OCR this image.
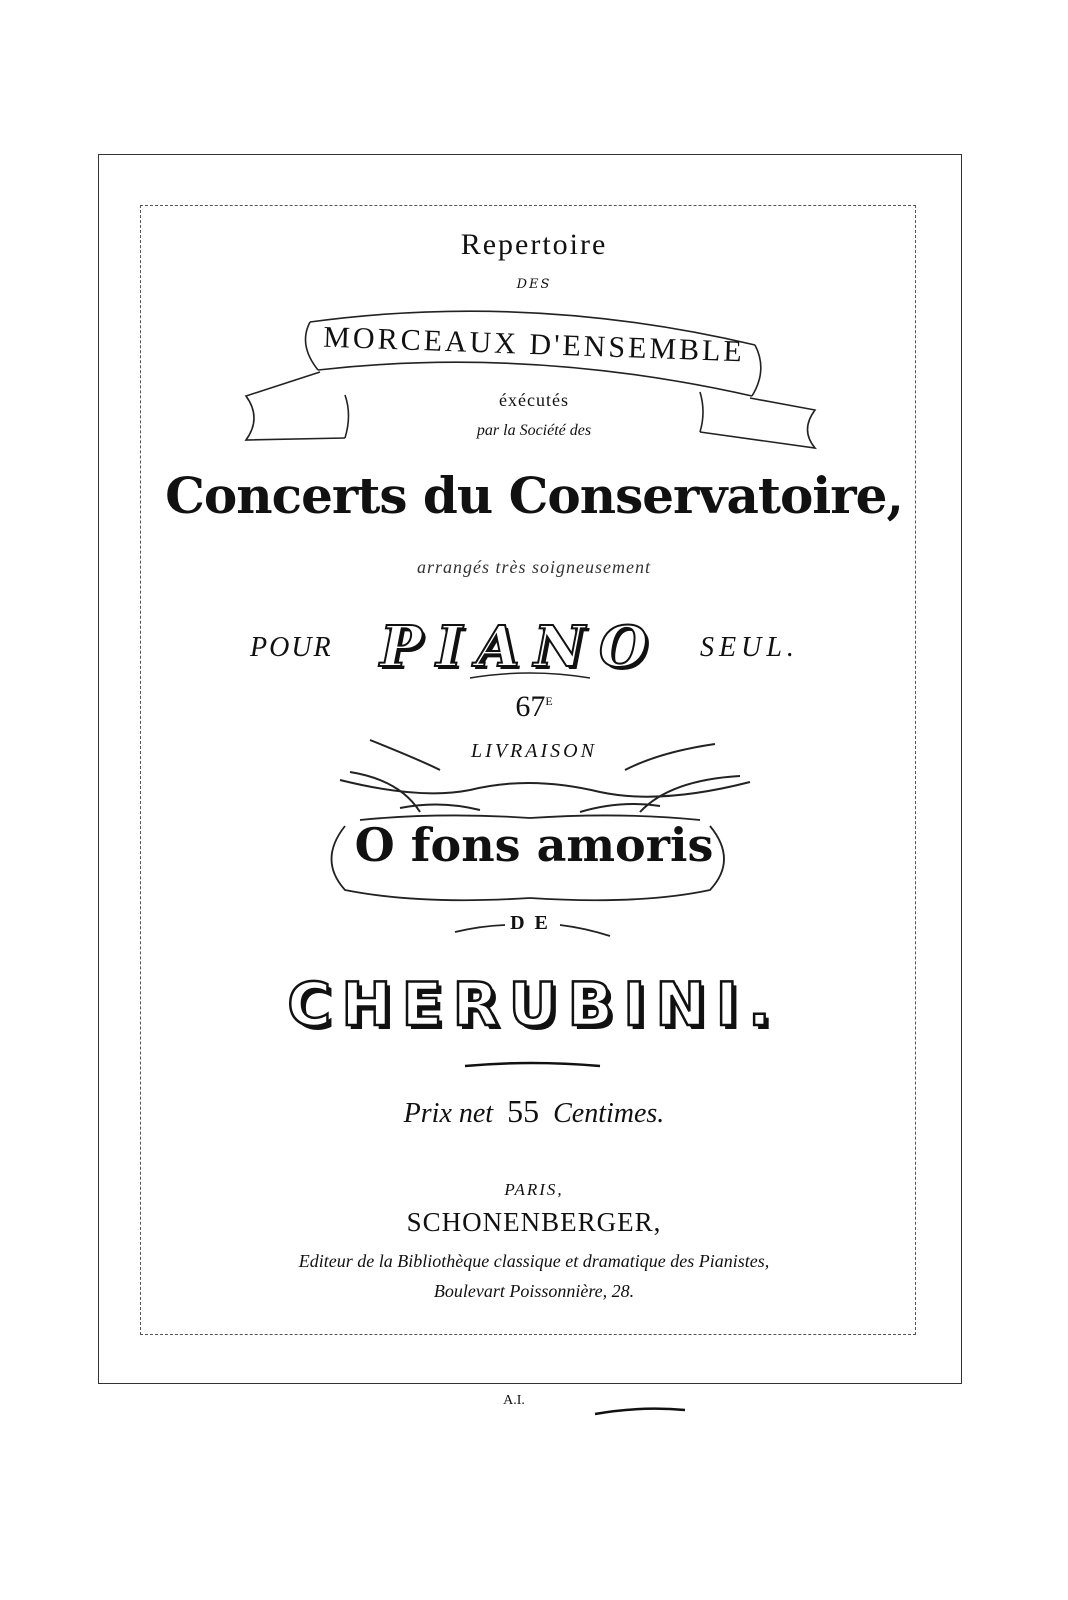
Repertoire
DES
MORCEAUX D'ENSEMBLE
éxécutés
par la Société des
Concerts du Conservatoire,
arrangés très soigneusement
POUR PIANO SEUL.
$67^E$
LIVRAISON
O fons amoris
DE
CHERUBINI.
Prix net 55 Centimes.
PARIS,
SCHONENBERGER,
Editeur de la Bibliothèque classique et dramatique des Pianistes,
Boulevart Poissonnière, 28.
A.I.
